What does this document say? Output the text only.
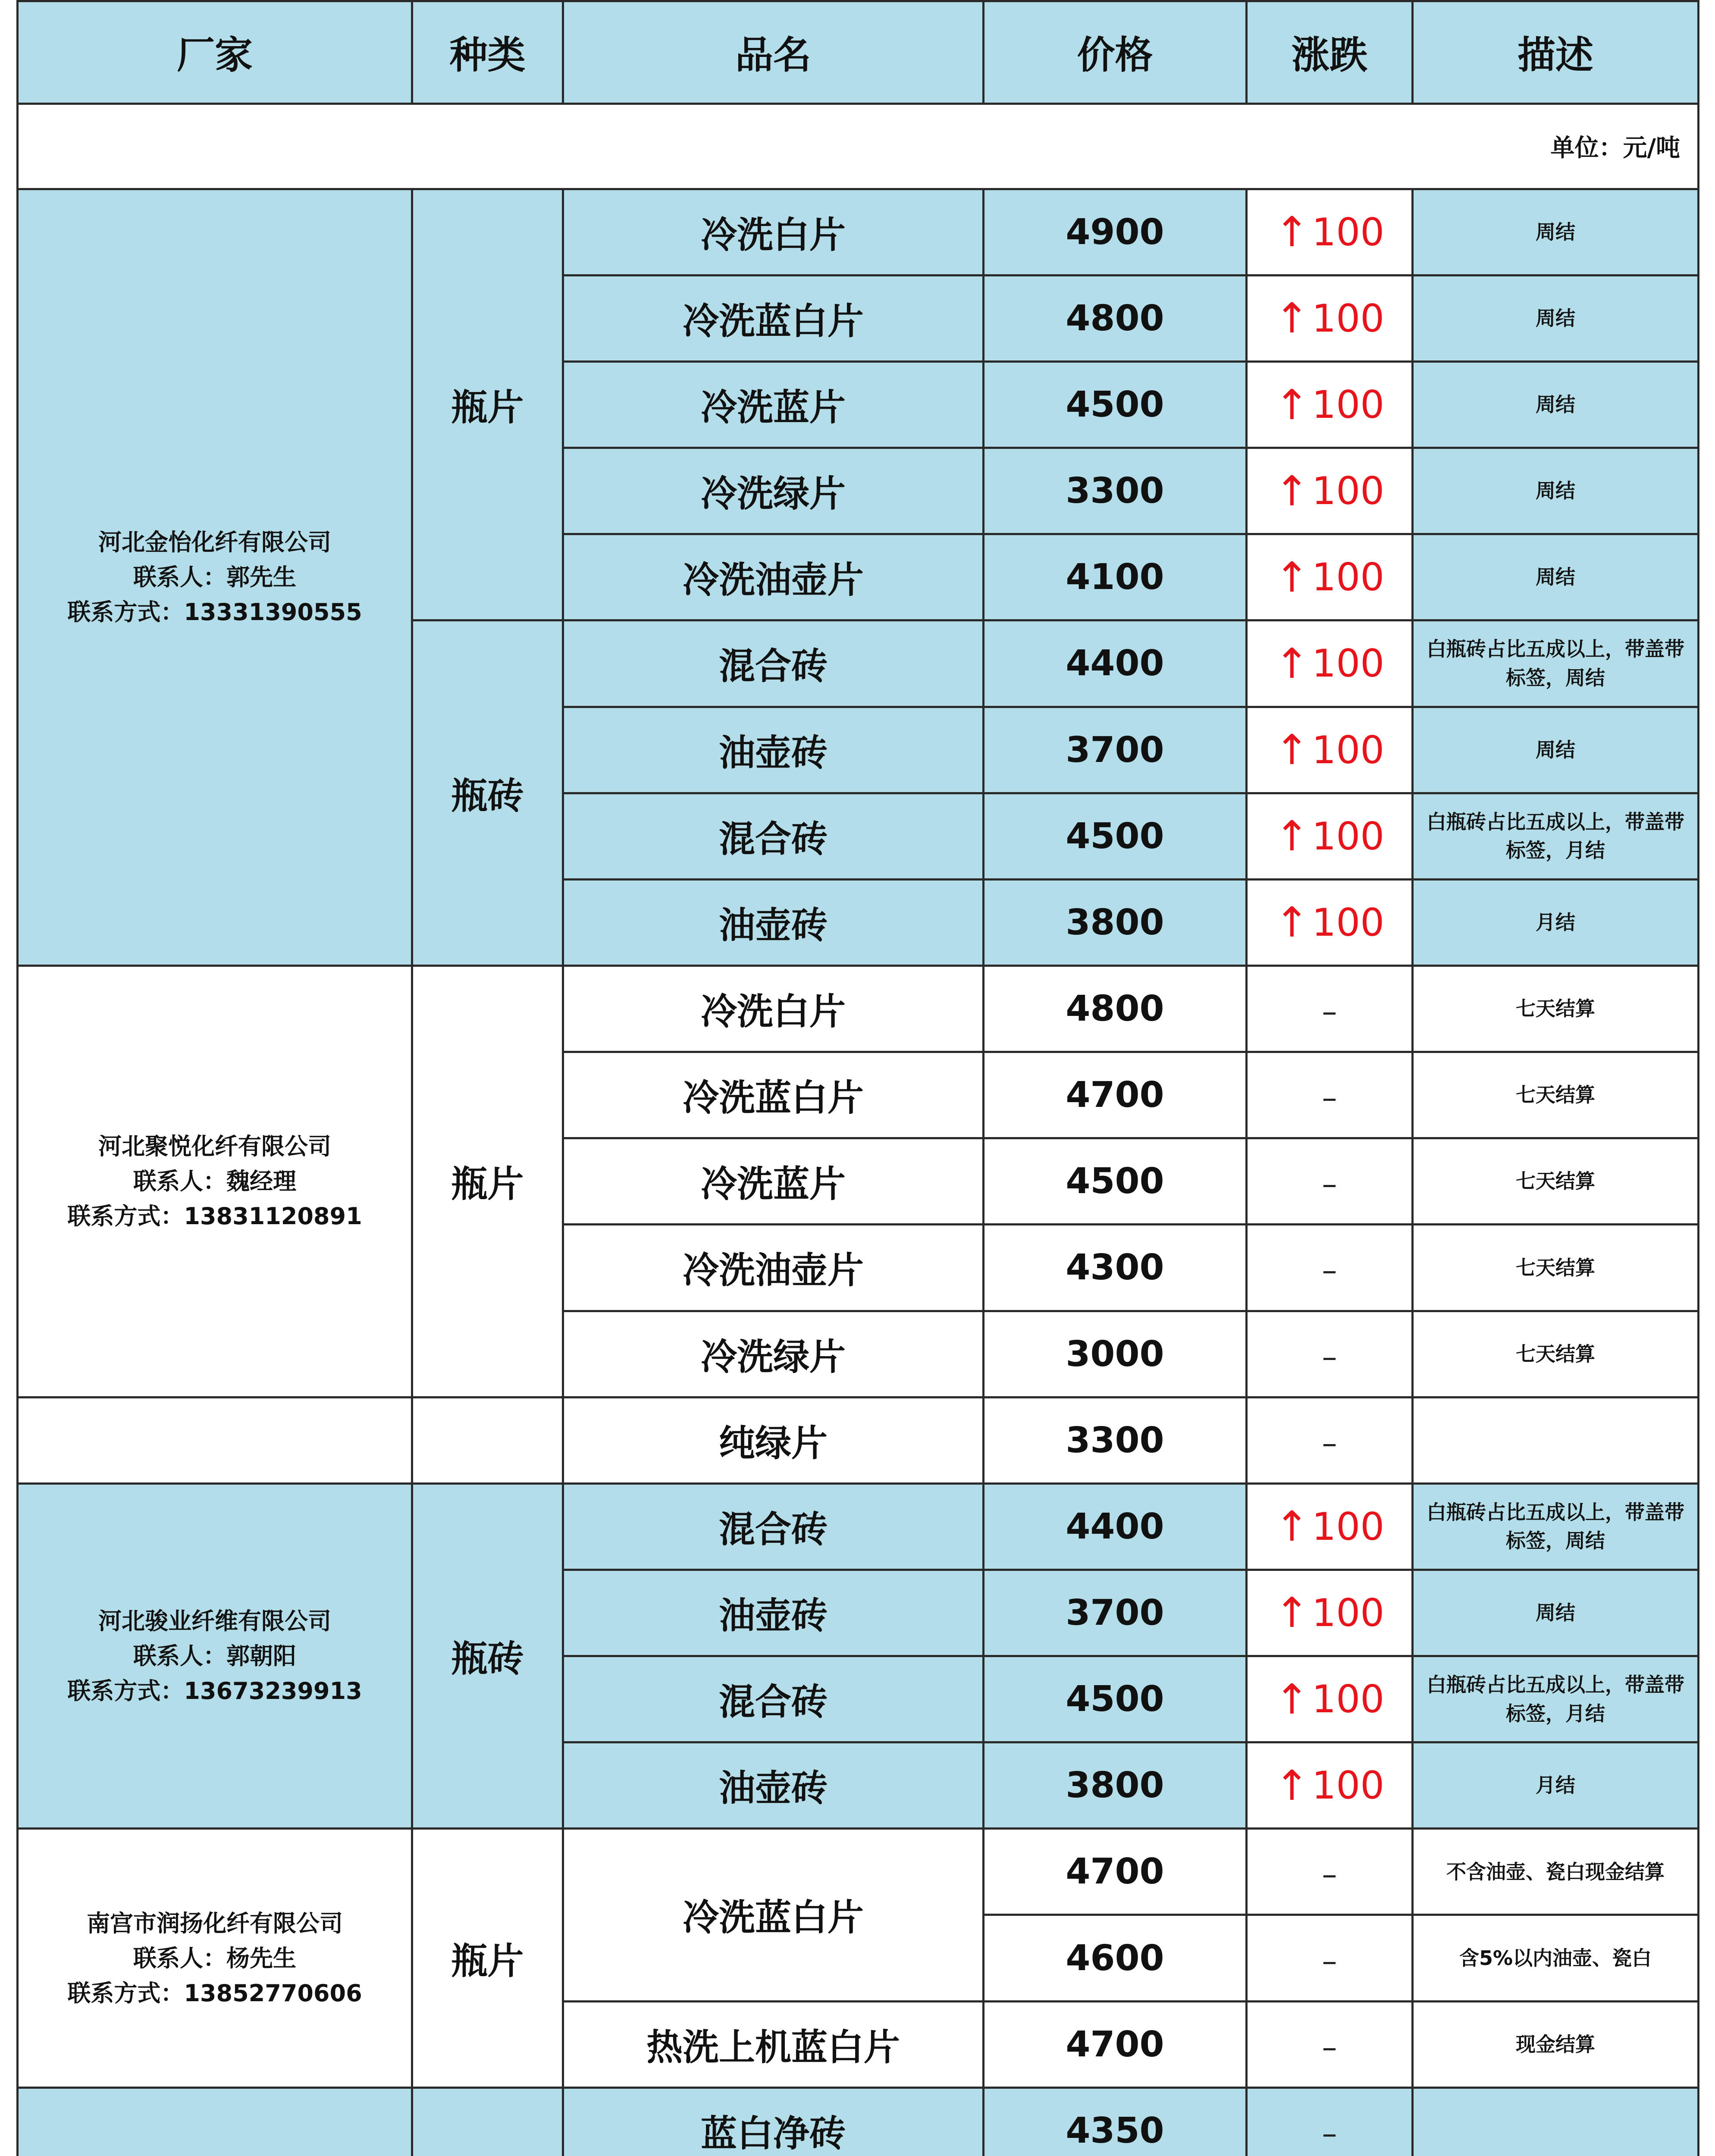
厂家	种类	品名	价格	涨跌	描述
单位：元/吨					

河北金怡化纤有限公司
联系人：郭先生
联系方式：13331390555	瓶片	冷洗白片	4900	↑ 100	周结
		冷洗蓝白片	4800	↑ 100	周结
		冷洗蓝片	4500	↑ 100	周结
		冷洗绿片	3300	↑ 100	周结
		冷洗油壶片	4100	↑ 100	周结
	瓶砖	混合砖	4400	↑ 100	白瓶砖占比五成以上，带盖带标签，周结
		油壶砖	3700	↑ 100	周结
		混合砖	4500	↑ 100	白瓶砖占比五成以上，带盖带标签，月结
		油壶砖	3800	↑ 100	月结

河北聚悦化纤有限公司
联系人：魏经理
联系方式：13831120891	瓶片	冷洗白片	4800	–	七天结算
		冷洗蓝白片	4700	–	七天结算
		冷洗蓝片	4500	–	七天结算
		冷洗油壶片	4300	–	七天结算
		冷洗绿片	3000	–	七天结算
		纯绿片	3300	–	

河北骏业纤维有限公司
联系人：郭朝阳
联系方式：13673239913	瓶砖	混合砖	4400	↑ 100	白瓶砖占比五成以上，带盖带标签，周结
		油壶砖	3700	↑ 100	周结
		混合砖	4500	↑ 100	白瓶砖占比五成以上，带盖带标签，月结
		油壶砖	3800	↑ 100	月结

南宫市润扬化纤有限公司
联系人：杨先生
联系方式：13852770606	瓶片	冷洗蓝白片	4700	–	不含油壶、瓷白现金结算
			4600	–	含5%以内油壶、瓷白
		热洗上机蓝白片	4700	–	现金结算

		蓝白净砖	4350	–	
